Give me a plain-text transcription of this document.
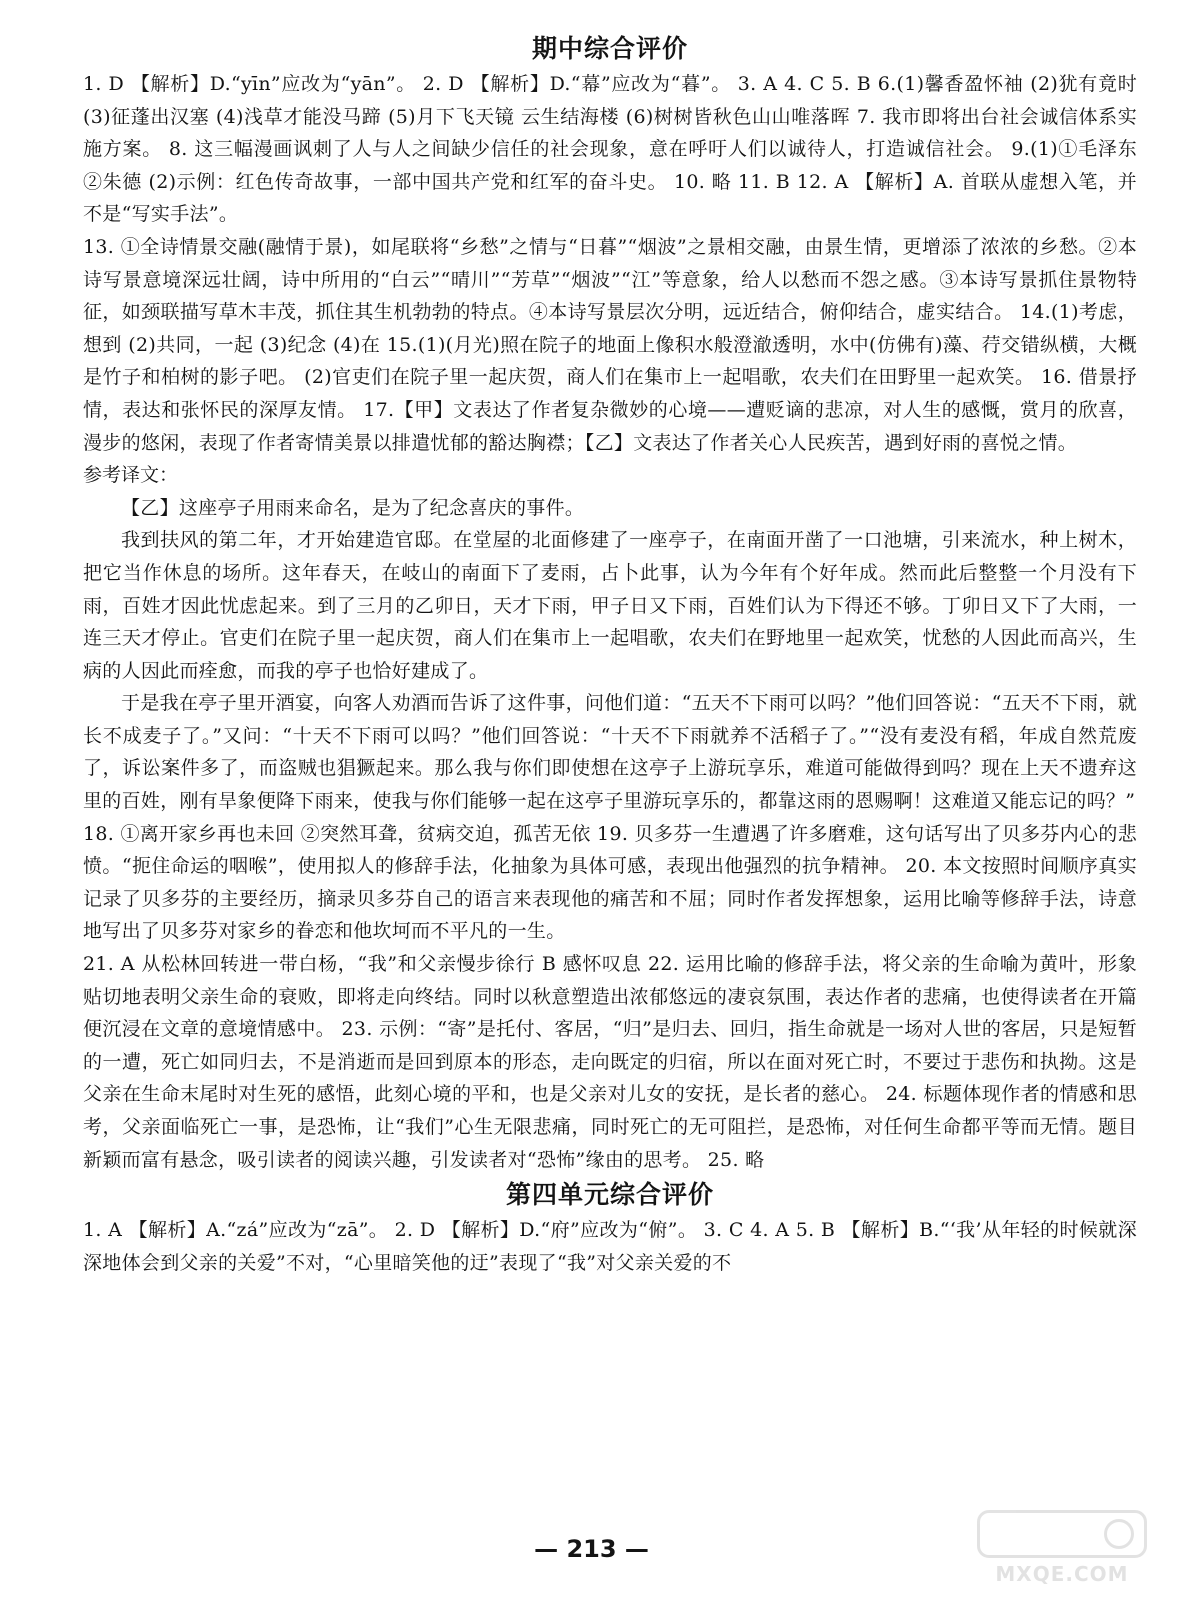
期中综合评价

1. D 【解析】D.“yīn”应改为“yān”。 2. D 【解析】D.“幕”应改为“暮”。 3. A 4. C 5. B 6.(1)馨香盈怀袖 (2)犹有竟时 (3)征蓬出汉塞 (4)浅草才能没马蹄 (5)月下飞天镜 云生结海楼 (6)树树皆秋色山山唯落晖 7. 我市即将出台社会诚信体系实施方案。 8. 这三幅漫画讽刺了人与人之间缺少信任的社会现象，意在呼吁人们以诚待人，打造诚信社会。 9.(1)①毛泽东 ②朱德 (2)示例：红色传奇故事，一部中国共产党和红军的奋斗史。 10. 略 11. B 12. A 【解析】A. 首联从虚想入笔，并不是“写实手法”。

13. ①全诗情景交融(融情于景)，如尾联将“乡愁”之情与“日暮”“烟波”之景相交融，由景生情，更增添了浓浓的乡愁。②本诗写景意境深远壮阔，诗中所用的“白云”“晴川”“芳草”“烟波”“江”等意象，给人以愁而不怨之感。③本诗写景抓住景物特征，如颈联描写草木丰茂，抓住其生机勃勃的特点。④本诗写景层次分明，远近结合，俯仰结合，虚实结合。 14.(1)考虑，想到 (2)共同，一起 (3)纪念 (4)在 15.(1)(月光)照在院子的地面上像积水般澄澈透明，水中(仿佛有)藻、荇交错纵横，大概是竹子和柏树的影子吧。 (2)官吏们在院子里一起庆贺，商人们在集市上一起唱歌，农夫们在田野里一起欢笑。 16. 借景抒情，表达和张怀民的深厚友情。 17.【甲】文表达了作者复杂微妙的心境——遭贬谪的悲凉，对人生的感慨，赏月的欣喜，漫步的悠闲，表现了作者寄情美景以排遣忧郁的豁达胸襟；【乙】文表达了作者关心人民疾苦，遇到好雨的喜悦之情。

参考译文：

【乙】这座亭子用雨来命名，是为了纪念喜庆的事件。

我到扶风的第二年，才开始建造官邸。在堂屋的北面修建了一座亭子，在南面开凿了一口池塘，引来流水，种上树木，把它当作休息的场所。这年春天，在岐山的南面下了麦雨，占卜此事，认为今年有个好年成。然而此后整整一个月没有下雨，百姓才因此忧虑起来。到了三月的乙卯日，天才下雨，甲子日又下雨，百姓们认为下得还不够。丁卯日又下了大雨，一连三天才停止。官吏们在院子里一起庆贺，商人们在集市上一起唱歌，农夫们在野地里一起欢笑，忧愁的人因此而高兴，生病的人因此而痊愈，而我的亭子也恰好建成了。

于是我在亭子里开酒宴，向客人劝酒而告诉了这件事，问他们道：“五天不下雨可以吗？”他们回答说：“五天不下雨，就长不成麦子了。”又问：“十天不下雨可以吗？”他们回答说：“十天不下雨就养不活稻子了。”“没有麦没有稻，年成自然荒废了，诉讼案件多了，而盗贼也猖獗起来。那么我与你们即使想在这亭子上游玩享乐，难道可能做得到吗？现在上天不遗弃这里的百姓，刚有旱象便降下雨来，使我与你们能够一起在这亭子里游玩享乐的，都靠这雨的恩赐啊！这难道又能忘记的吗？”

18. ①离开家乡再也未回 ②突然耳聋，贫病交迫，孤苦无依 19. 贝多芬一生遭遇了许多磨难，这句话写出了贝多芬内心的悲愤。“扼住命运的咽喉”，使用拟人的修辞手法，化抽象为具体可感，表现出他强烈的抗争精神。 20. 本文按照时间顺序真实记录了贝多芬的主要经历，摘录贝多芬自己的语言来表现他的痛苦和不屈；同时作者发挥想象，运用比喻等修辞手法，诗意地写出了贝多芬对家乡的眷恋和他坎坷而不平凡的一生。

21. A 从松林回转进一带白杨，“我”和父亲慢步徐行 B 感怀叹息 22. 运用比喻的修辞手法，将父亲的生命喻为黄叶，形象贴切地表明父亲生命的衰败，即将走向终结。同时以秋意塑造出浓郁悠远的凄哀氛围，表达作者的悲痛，也使得读者在开篇便沉浸在文章的意境情感中。 23. 示例：“寄”是托付、客居，“归”是归去、回归，指生命就是一场对人世的客居，只是短暂的一遭，死亡如同归去，不是消逝而是回到原本的形态，走向既定的归宿，所以在面对死亡时，不要过于悲伤和执拗。这是父亲在生命末尾时对生死的感悟，此刻心境的平和，也是父亲对儿女的安抚，是长者的慈心。 24. 标题体现作者的情感和思考，父亲面临死亡一事，是恐怖，让“我们”心生无限悲痛，同时死亡的无可阻拦，是恐怖，对任何生命都平等而无情。题目新颖而富有悬念，吸引读者的阅读兴趣，引发读者对“恐怖”缘由的思考。 25. 略

第四单元综合评价

1. A 【解析】A.“zá”应改为“zā”。 2. D 【解析】D.“府”应改为“俯”。 3. C 4. A 5. B 【解析】B.“‘我’从年轻的时候就深深地体会到父亲的关爱”不对，“心里暗笑他的迂”表现了“我”对父亲关爱的不

— 213 —
MXQE.COM
